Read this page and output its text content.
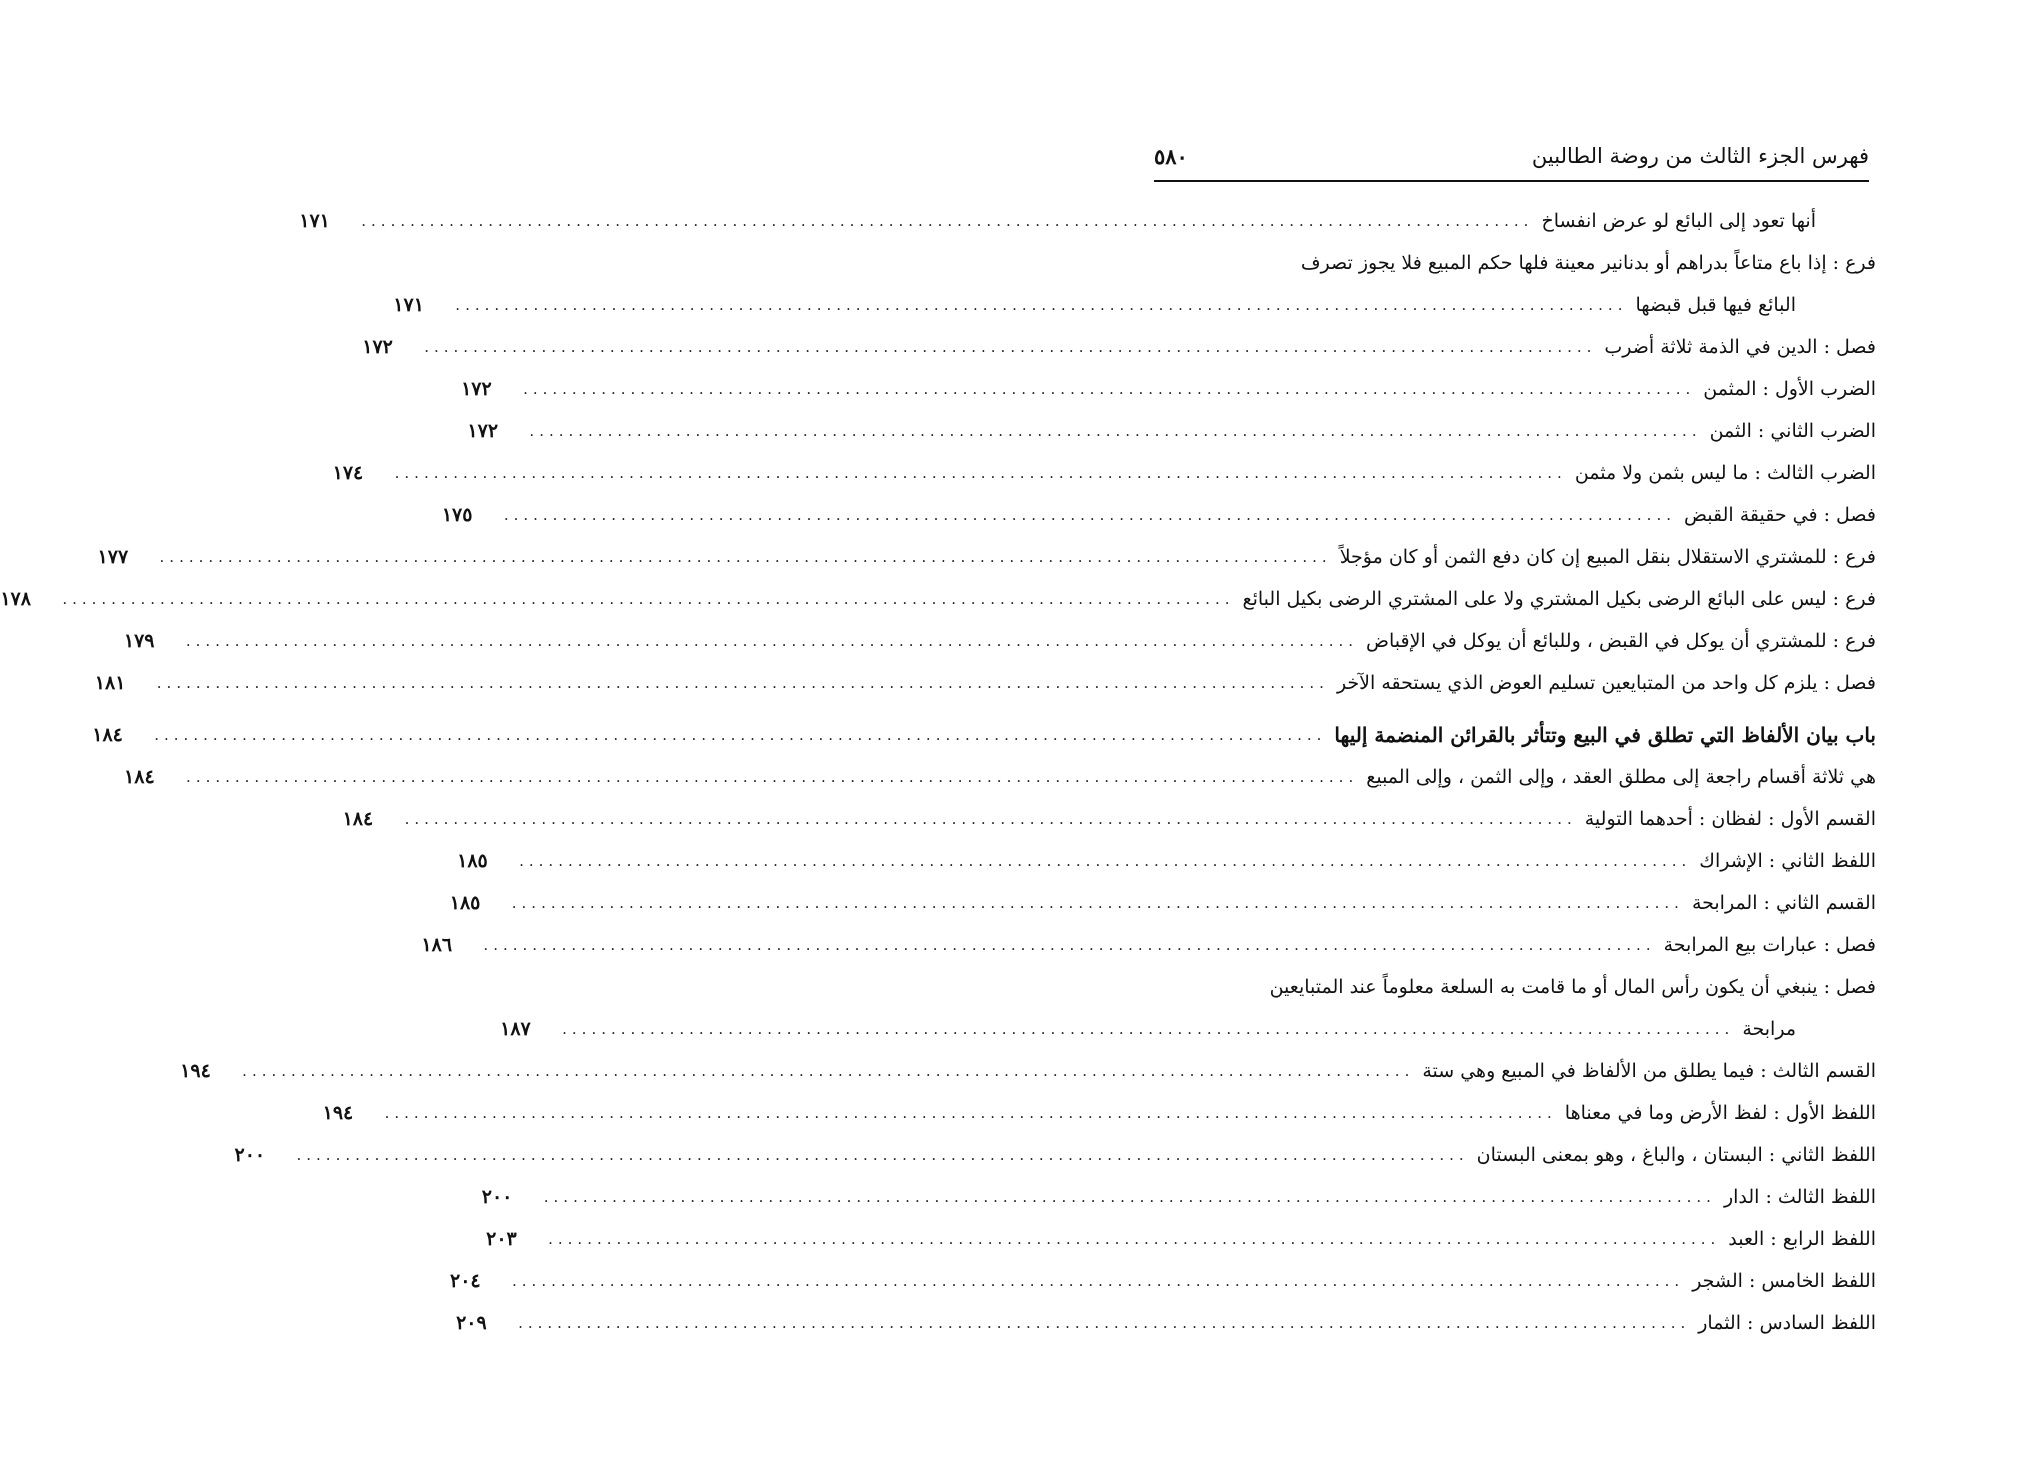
فهرس الجزء الثالث من روضة الطالبين
٥٨٠
أنها تعود إلى البائع لو عرض انفساخ
........................................................................................................................
١٧١
فرع : إذا باع متاعاً بدراهم أو بدنانير معينة فلها حكم المبيع فلا يجوز تصرف
البائع فيها قبل قبضها
........................................................................................................................
١٧١
فصل : الدين في الذمة ثلاثة أضرب
........................................................................................................................
١٧٢
الضرب الأول : المثمن
........................................................................................................................
١٧٢
الضرب الثاني : الثمن
........................................................................................................................
١٧٢
الضرب الثالث : ما ليس بثمن ولا مثمن
........................................................................................................................
١٧٤
فصل : في حقيقة القبض
........................................................................................................................
١٧٥
فرع : للمشتري الاستقلال بنقل المبيع إن كان دفع الثمن أو كان مؤجلاً
........................................................................................................................
١٧٧
فرع : ليس على البائع الرضى بكيل المشتري ولا على المشتري الرضى بكيل البائع
........................................................................................................................
١٧٨
فرع : للمشتري أن يوكل في القبض ، وللبائع أن يوكل في الإقباض
........................................................................................................................
١٧٩
فصل : يلزم كل واحد من المتبايعين تسليم العوض الذي يستحقه الآخر
........................................................................................................................
١٨١
باب بيان الألفاظ التي تطلق في البيع وتتأثر بالقرائن المنضمة إليها
........................................................................................................................
١٨٤
هي ثلاثة أقسام راجعة إلى مطلق العقد ، وإلى الثمن ، وإلى المبيع
........................................................................................................................
١٨٤
القسم الأول : لفظان : أحدهما التولية
........................................................................................................................
١٨٤
اللفظ الثاني : الإشراك
........................................................................................................................
١٨٥
القسم الثاني : المرابحة
........................................................................................................................
١٨٥
فصل : عبارات بيع المرابحة
........................................................................................................................
١٨٦
فصل : ينبغي أن يكون رأس المال أو ما قامت به السلعة معلوماً عند المتبايعين
مرابحة
........................................................................................................................
١٨٧
القسم الثالث : فيما يطلق من الألفاظ في المبيع وهي ستة
........................................................................................................................
١٩٤
اللفظ الأول : لفظ الأرض وما في معناها
........................................................................................................................
١٩٤
اللفظ الثاني : البستان ، والباغ ، وهو بمعنى البستان
........................................................................................................................
٢٠٠
اللفظ الثالث : الدار
........................................................................................................................
٢٠٠
اللفظ الرابع : العبد
........................................................................................................................
٢٠٣
اللفظ الخامس : الشجر
........................................................................................................................
٢٠٤
اللفظ السادس : الثمار
........................................................................................................................
٢٠٩
